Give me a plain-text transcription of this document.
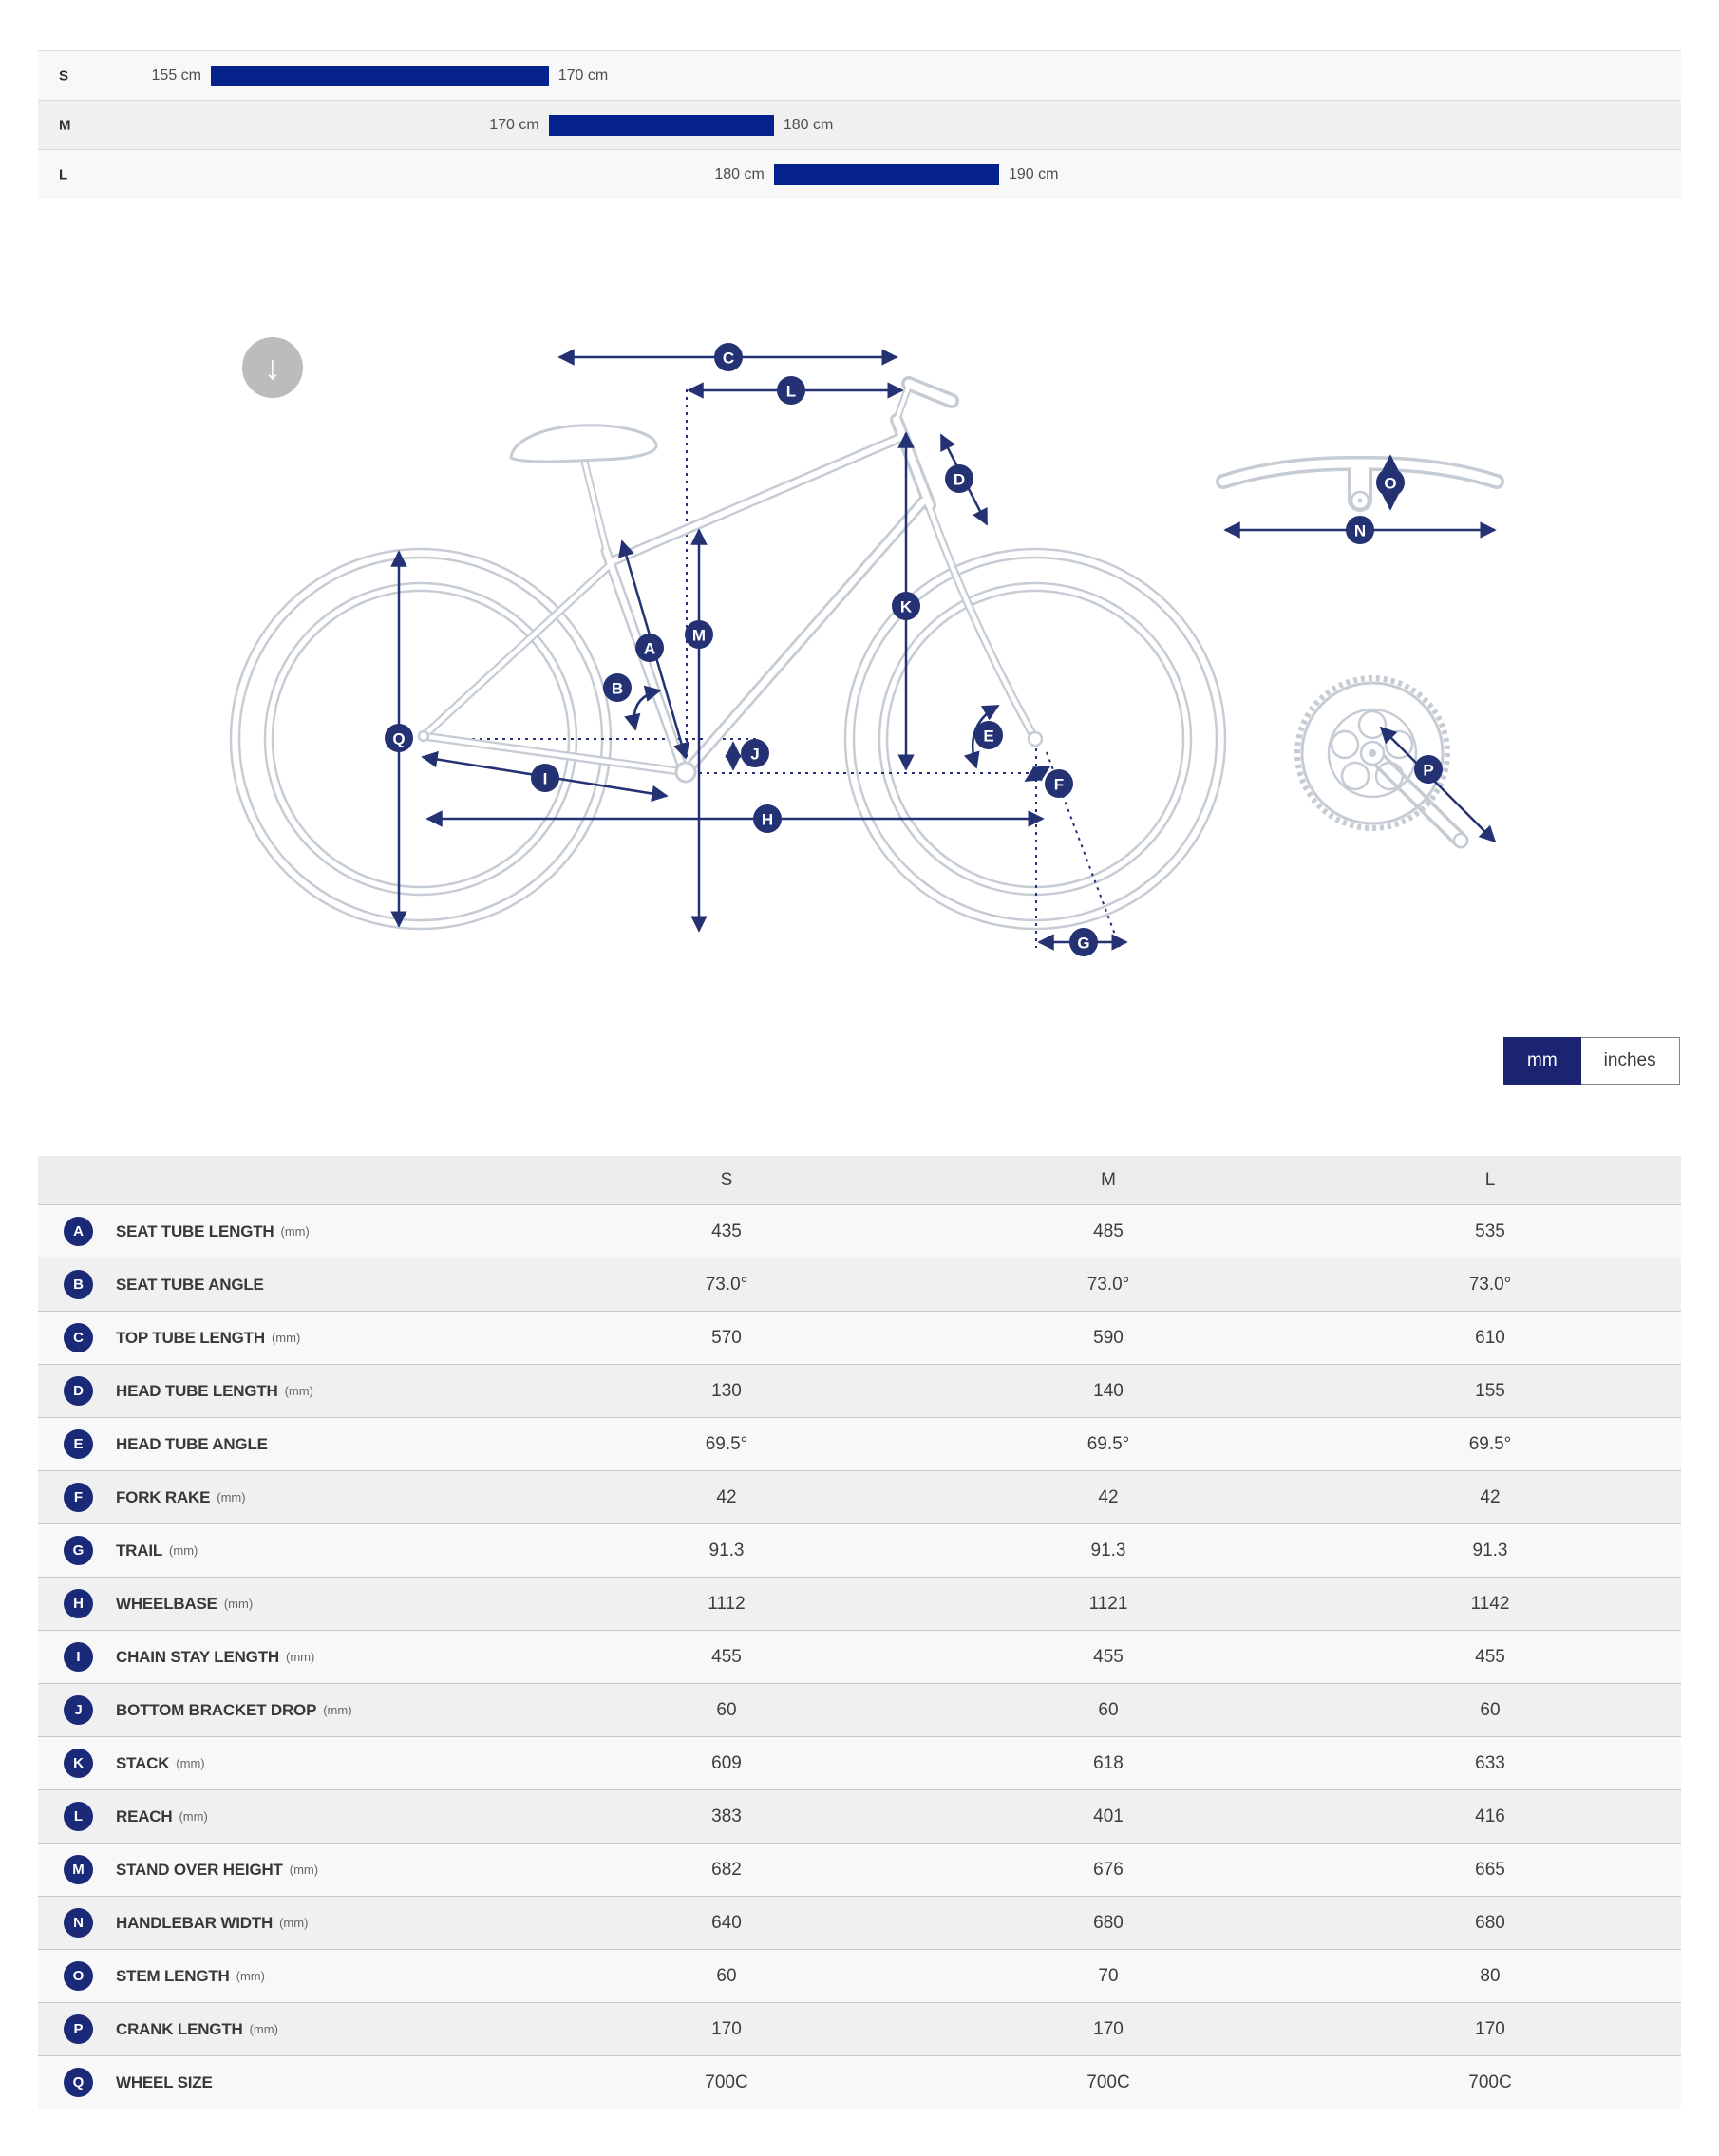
S	155 cm	170 cm
M	170 cm	180 cm
L	180 cm	190 cm
A
B
C
D
E
F
G
H
I
J
K
L
M
N
O
P
Q
↓
mm	inches
S	M	L
A	SEAT TUBE LENGTH (mm)	435	485	535
B	SEAT TUBE ANGLE	73.0°	73.0°	73.0°
C	TOP TUBE LENGTH (mm)	570	590	610
D	HEAD TUBE LENGTH (mm)	130	140	155
E	HEAD TUBE ANGLE	69.5°	69.5°	69.5°
F	FORK RAKE (mm)	42	42	42
G	TRAIL (mm)	91.3	91.3	91.3
H	WHEELBASE (mm)	1112	1121	1142
I	CHAIN STAY LENGTH (mm)	455	455	455
J	BOTTOM BRACKET DROP (mm)	60	60	60
K	STACK (mm)	609	618	633
L	REACH (mm)	383	401	416
M	STAND OVER HEIGHT (mm)	682	676	665
N	HANDLEBAR WIDTH (mm)	640	680	680
O	STEM LENGTH (mm)	60	70	80
P	CRANK LENGTH (mm)	170	170	170
Q	WHEEL SIZE	700C	700C	700C
